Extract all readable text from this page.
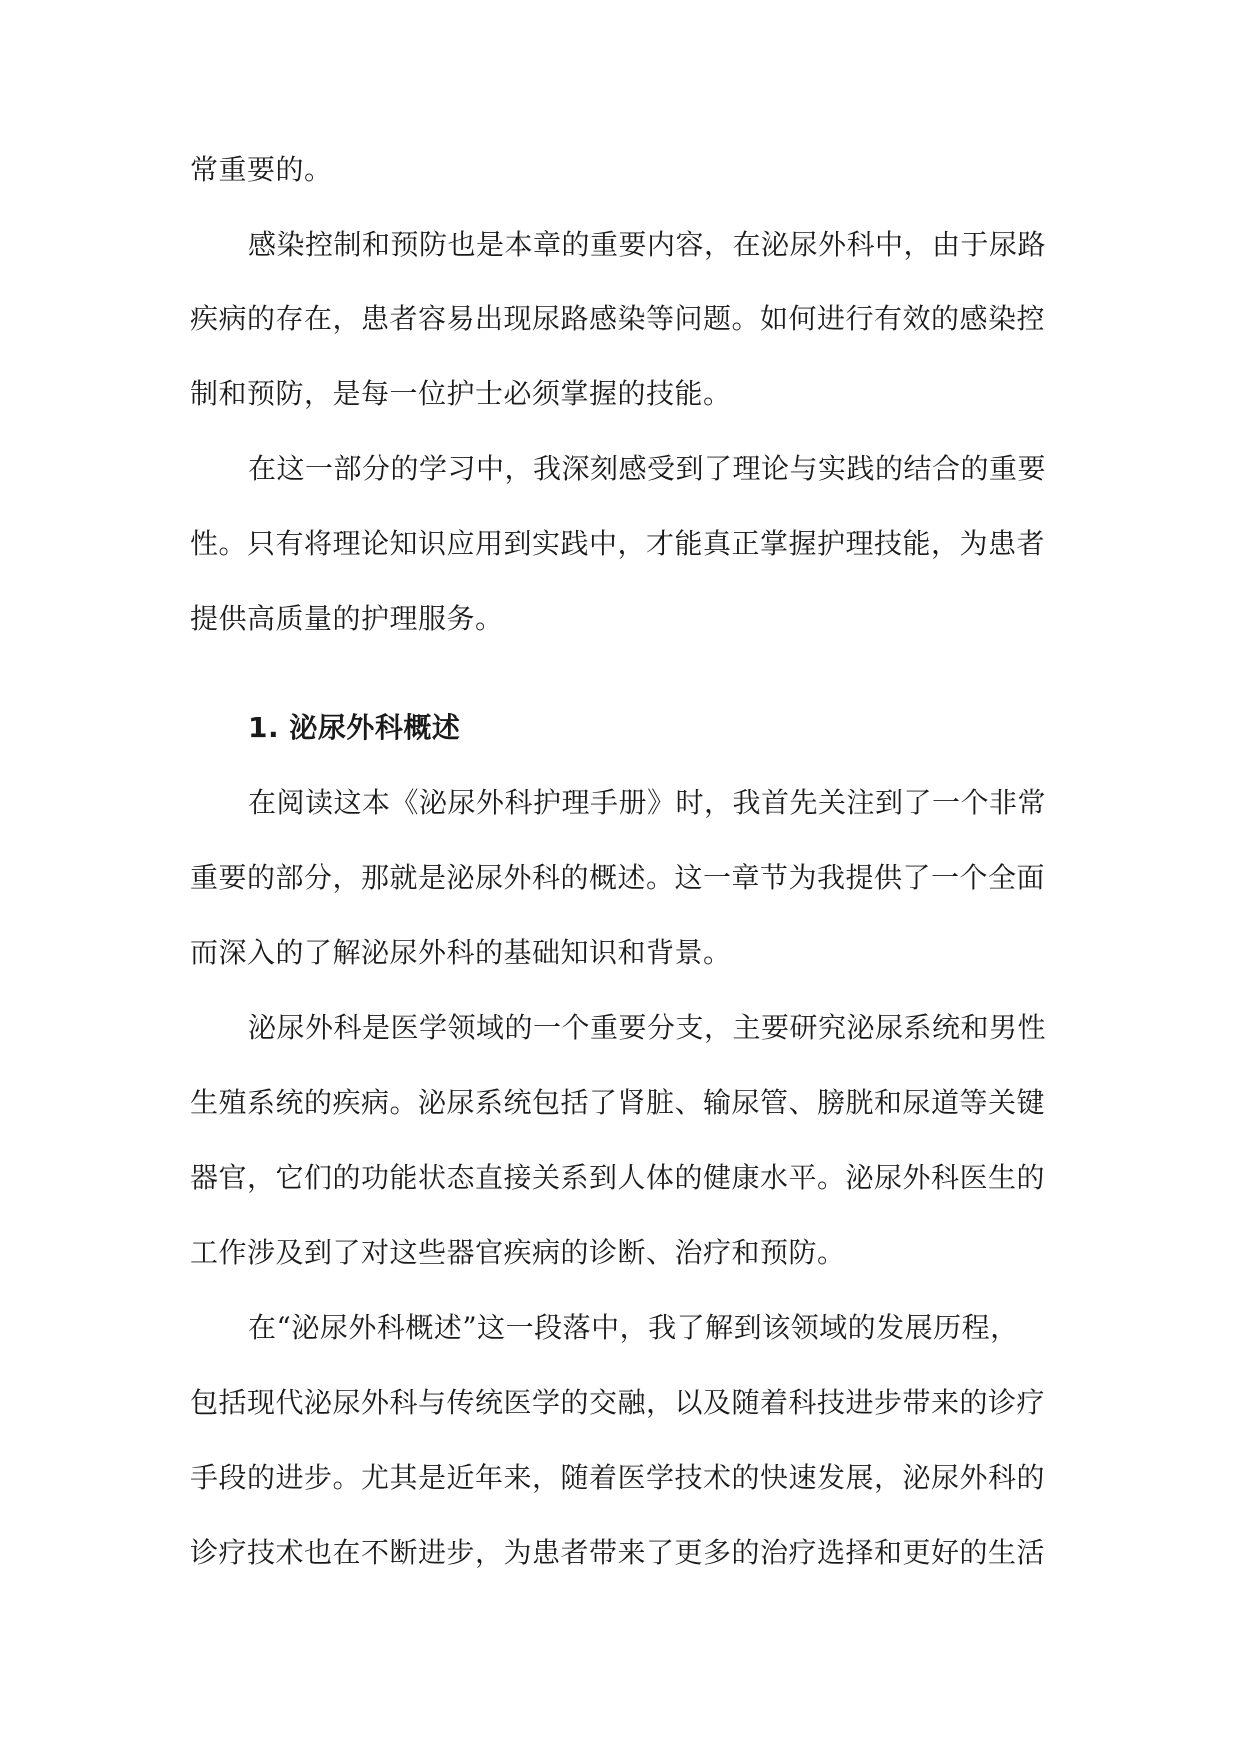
常重要的。
感染控制和预防也是本章的重要内容，在泌尿外科中，由于尿路
疾病的存在，患者容易出现尿路感染等问题。如何进行有效的感染控
制和预防，是每一位护士必须掌握的技能。
在这一部分的学习中，我深刻感受到了理论与实践的结合的重要
性。只有将理论知识应用到实践中，才能真正掌握护理技能，为患者
提供高质量的护理服务。
1. 泌尿外科概述
在阅读这本《泌尿外科护理手册》时，我首先关注到了一个非常
重要的部分，那就是泌尿外科的概述。这一章节为我提供了一个全面
而深入的了解泌尿外科的基础知识和背景。
泌尿外科是医学领域的一个重要分支，主要研究泌尿系统和男性
生殖系统的疾病。泌尿系统包括了肾脏、输尿管、膀胱和尿道等关键
器官，它们的功能状态直接关系到人体的健康水平。泌尿外科医生的
工作涉及到了对这些器官疾病的诊断、治疗和预防。
在“泌尿外科概述”这一段落中，我了解到该领域的发展历程，
包括现代泌尿外科与传统医学的交融，以及随着科技进步带来的诊疗
手段的进步。尤其是近年来，随着医学技术的快速发展，泌尿外科的
诊疗技术也在不断进步，为患者带来了更多的治疗选择和更好的生活
